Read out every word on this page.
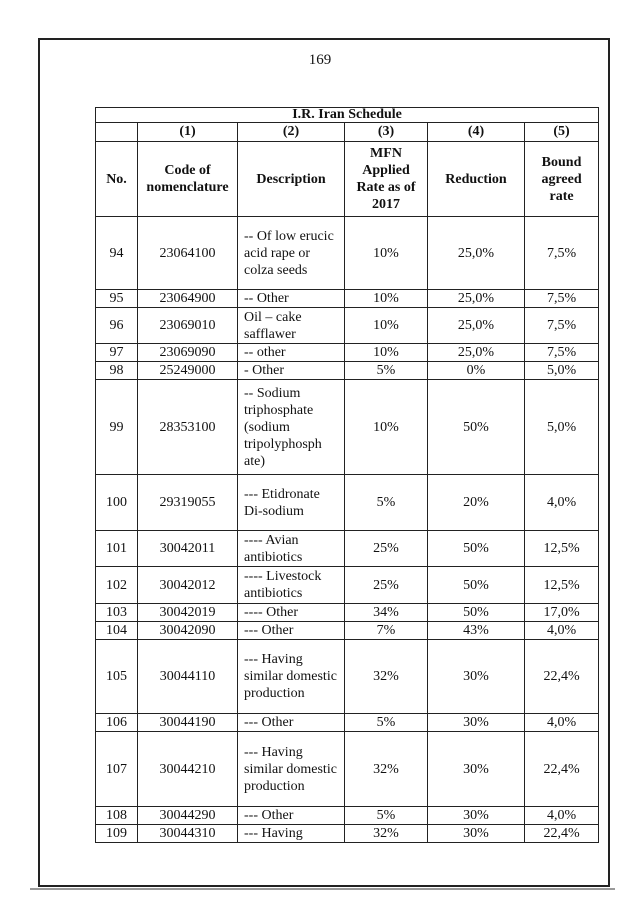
169
I.R. Iran Schedule					
	(1)	(2)	(3)	(4)	(5)
No.	Code of nomenclature	Description	MFN Applied Rate as of 2017	Reduction	Bound agreed rate
94	23064100	-- Of low erucic acid rape or colza seeds	10%	25,0%	7,5%
95	23064900	-- Other	10%	25,0%	7,5%
96	23069010	Oil – cake safflawer	10%	25,0%	7,5%
97	23069090	-- other	10%	25,0%	7,5%
98	25249000	- Other	5%	0%	5,0%
99	28353100	-- Sodium triphosphate (sodium tripolyphosph ate)	10%	50%	5,0%
100	29319055	--- Etidronate Di-sodium	5%	20%	4,0%
101	30042011	---- Avian antibiotics	25%	50%	12,5%
102	30042012	---- Livestock antibiotics	25%	50%	12,5%
103	30042019	---- Other	34%	50%	17,0%
104	30042090	--- Other	7%	43%	4,0%
105	30044110	--- Having similar domestic production	32%	30%	22,4%
106	30044190	--- Other	5%	30%	4,0%
107	30044210	--- Having similar domestic production	32%	30%	22,4%
108	30044290	--- Other	5%	30%	4,0%
109	30044310	--- Having	32%	30%	22,4%
